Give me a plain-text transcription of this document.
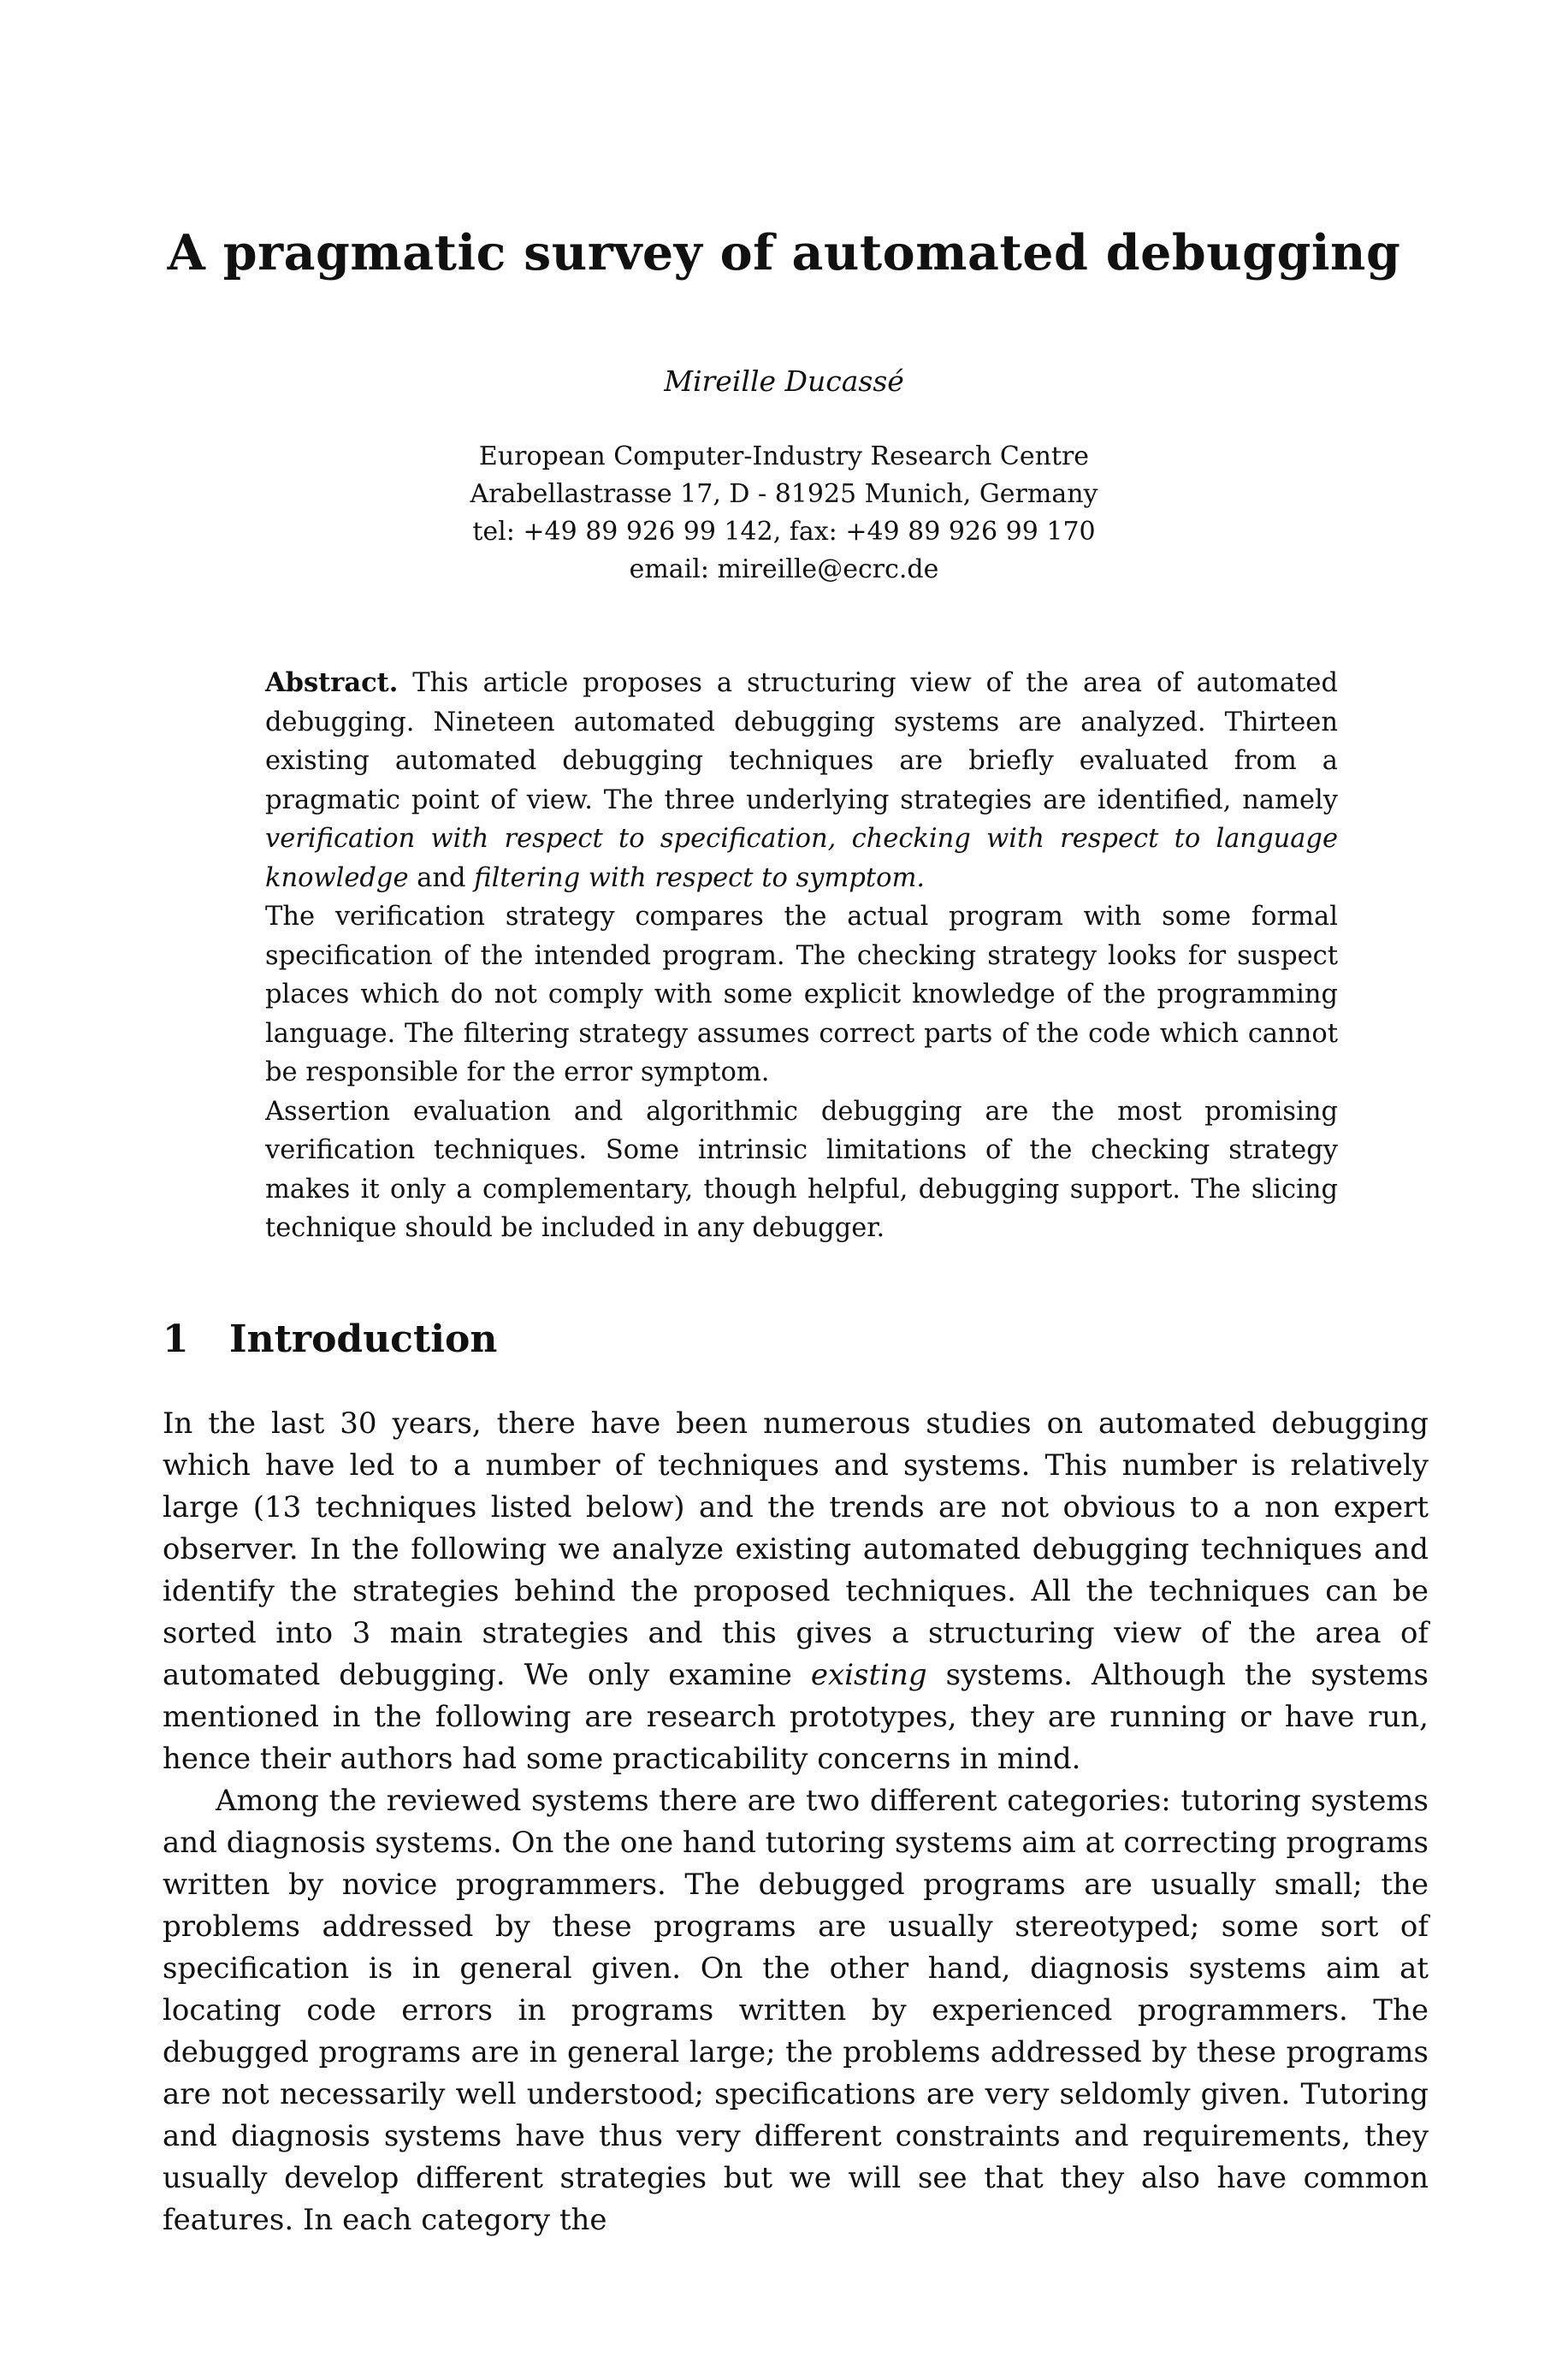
A pragmatic survey of automated debugging
Mireille Ducassé
European Computer-Industry Research Centre
Arabellastrasse 17, D - 81925 Munich, Germany
tel: +49 89 926 99 142, fax: +49 89 926 99 170
email: mireille@ecrc.de

Abstract. This article proposes a structuring view of the area of automated debugging. Nineteen automated debugging systems are analyzed. Thirteen existing automated debugging techniques are briefly evaluated from a pragmatic point of view. The three underlying strategies are identified, namely verification with respect to specification, checking with respect to language knowledge and filtering with respect to symptom.

The verification strategy compares the actual program with some formal specification of the intended program. The checking strategy looks for suspect places which do not comply with some explicit knowledge of the programming language. The filtering strategy assumes correct parts of the code which cannot be responsible for the error symptom.

Assertion evaluation and algorithmic debugging are the most promising verification techniques. Some intrinsic limitations of the checking strategy makes it only a complementary, though helpful, debugging support. The slicing technique should be included in any debugger.

1 Introduction

In the last 30 years, there have been numerous studies on automated debugging which have led to a number of techniques and systems. This number is relatively large (13 techniques listed below) and the trends are not obvious to a non expert observer. In the following we analyze existing automated debugging techniques and identify the strategies behind the proposed techniques. All the techniques can be sorted into 3 main strategies and this gives a structuring view of the area of automated debugging. We only examine existing systems. Although the systems mentioned in the following are research prototypes, they are running or have run, hence their authors had some practicability concerns in mind.

Among the reviewed systems there are two different categories: tutoring systems and diagnosis systems. On the one hand tutoring systems aim at correcting programs written by novice programmers. The debugged programs are usually small; the problems addressed by these programs are usually stereotyped; some sort of specification is in general given. On the other hand, diagnosis systems aim at locating code errors in programs written by experienced programmers. The debugged programs are in general large; the problems addressed by these programs are not necessarily well understood; specifications are very seldomly given. Tutoring and diagnosis systems have thus very different constraints and requirements, they usually develop different strategies but we will see that they also have common features. In each category the
